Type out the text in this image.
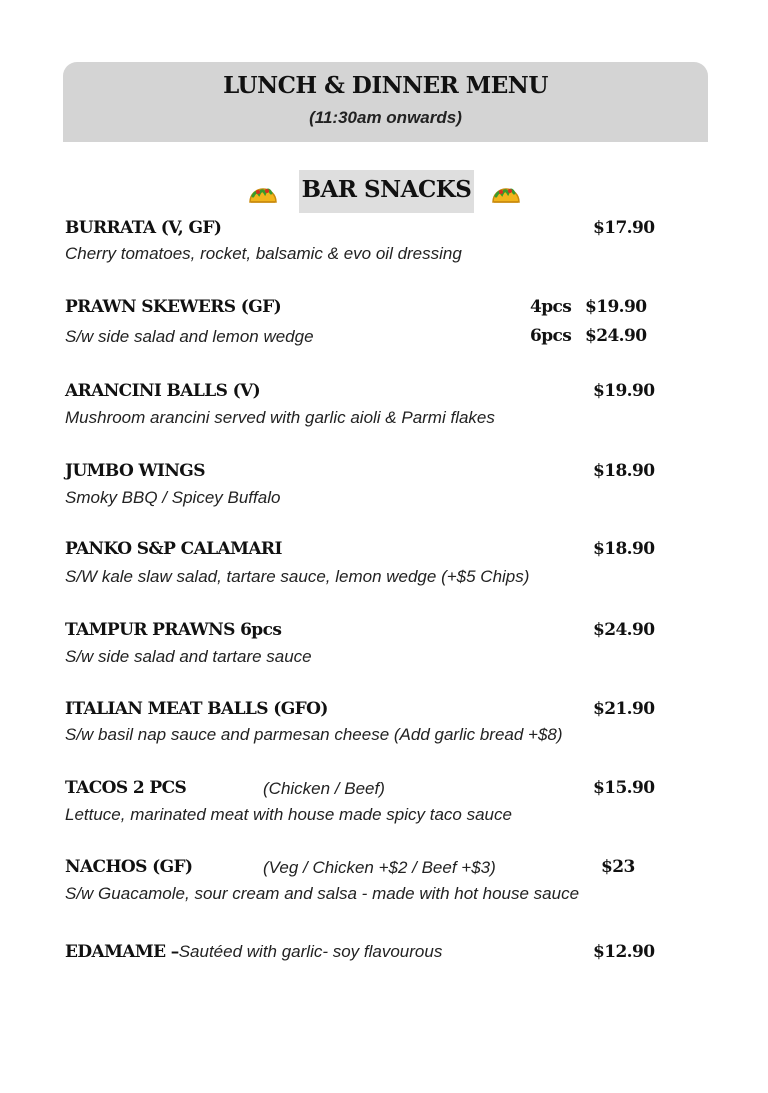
LUNCH & DINNER MENU
(11:30am onwards)
BAR SNACKS
BURRATA (V, GF)	$17.90
Cherry tomatoes, rocket, balsamic & evo oil dressing
PRAWN SKEWERS (GF)	4pcs $19.90
S/w side salad and lemon wedge	6pcs $24.90
ARANCINI BALLS (V)	$19.90
Mushroom arancini served with garlic aioli & Parmi flakes
JUMBO WINGS	$18.90
Smoky BBQ / Spicey Buffalo
PANKO S&P CALAMARI	$18.90
S/W kale slaw salad, tartare sauce, lemon wedge (+$5 Chips)
TAMPUR PRAWNS 6pcs	$24.90
S/w side salad and tartare sauce
ITALIAN MEAT BALLS (GFO)	$21.90
S/w basil nap sauce and parmesan cheese (Add garlic bread +$8)
TACOS 2 PCS	(Chicken / Beef)	$15.90
Lettuce, marinated meat with house made spicy taco sauce
NACHOS (GF)	(Veg / Chicken +$2 / Beef +$3)	$23
S/w Guacamole, sour cream and salsa - made with hot house sauce
EDAMAME –Sautéed with garlic- soy flavourous	$12.90
